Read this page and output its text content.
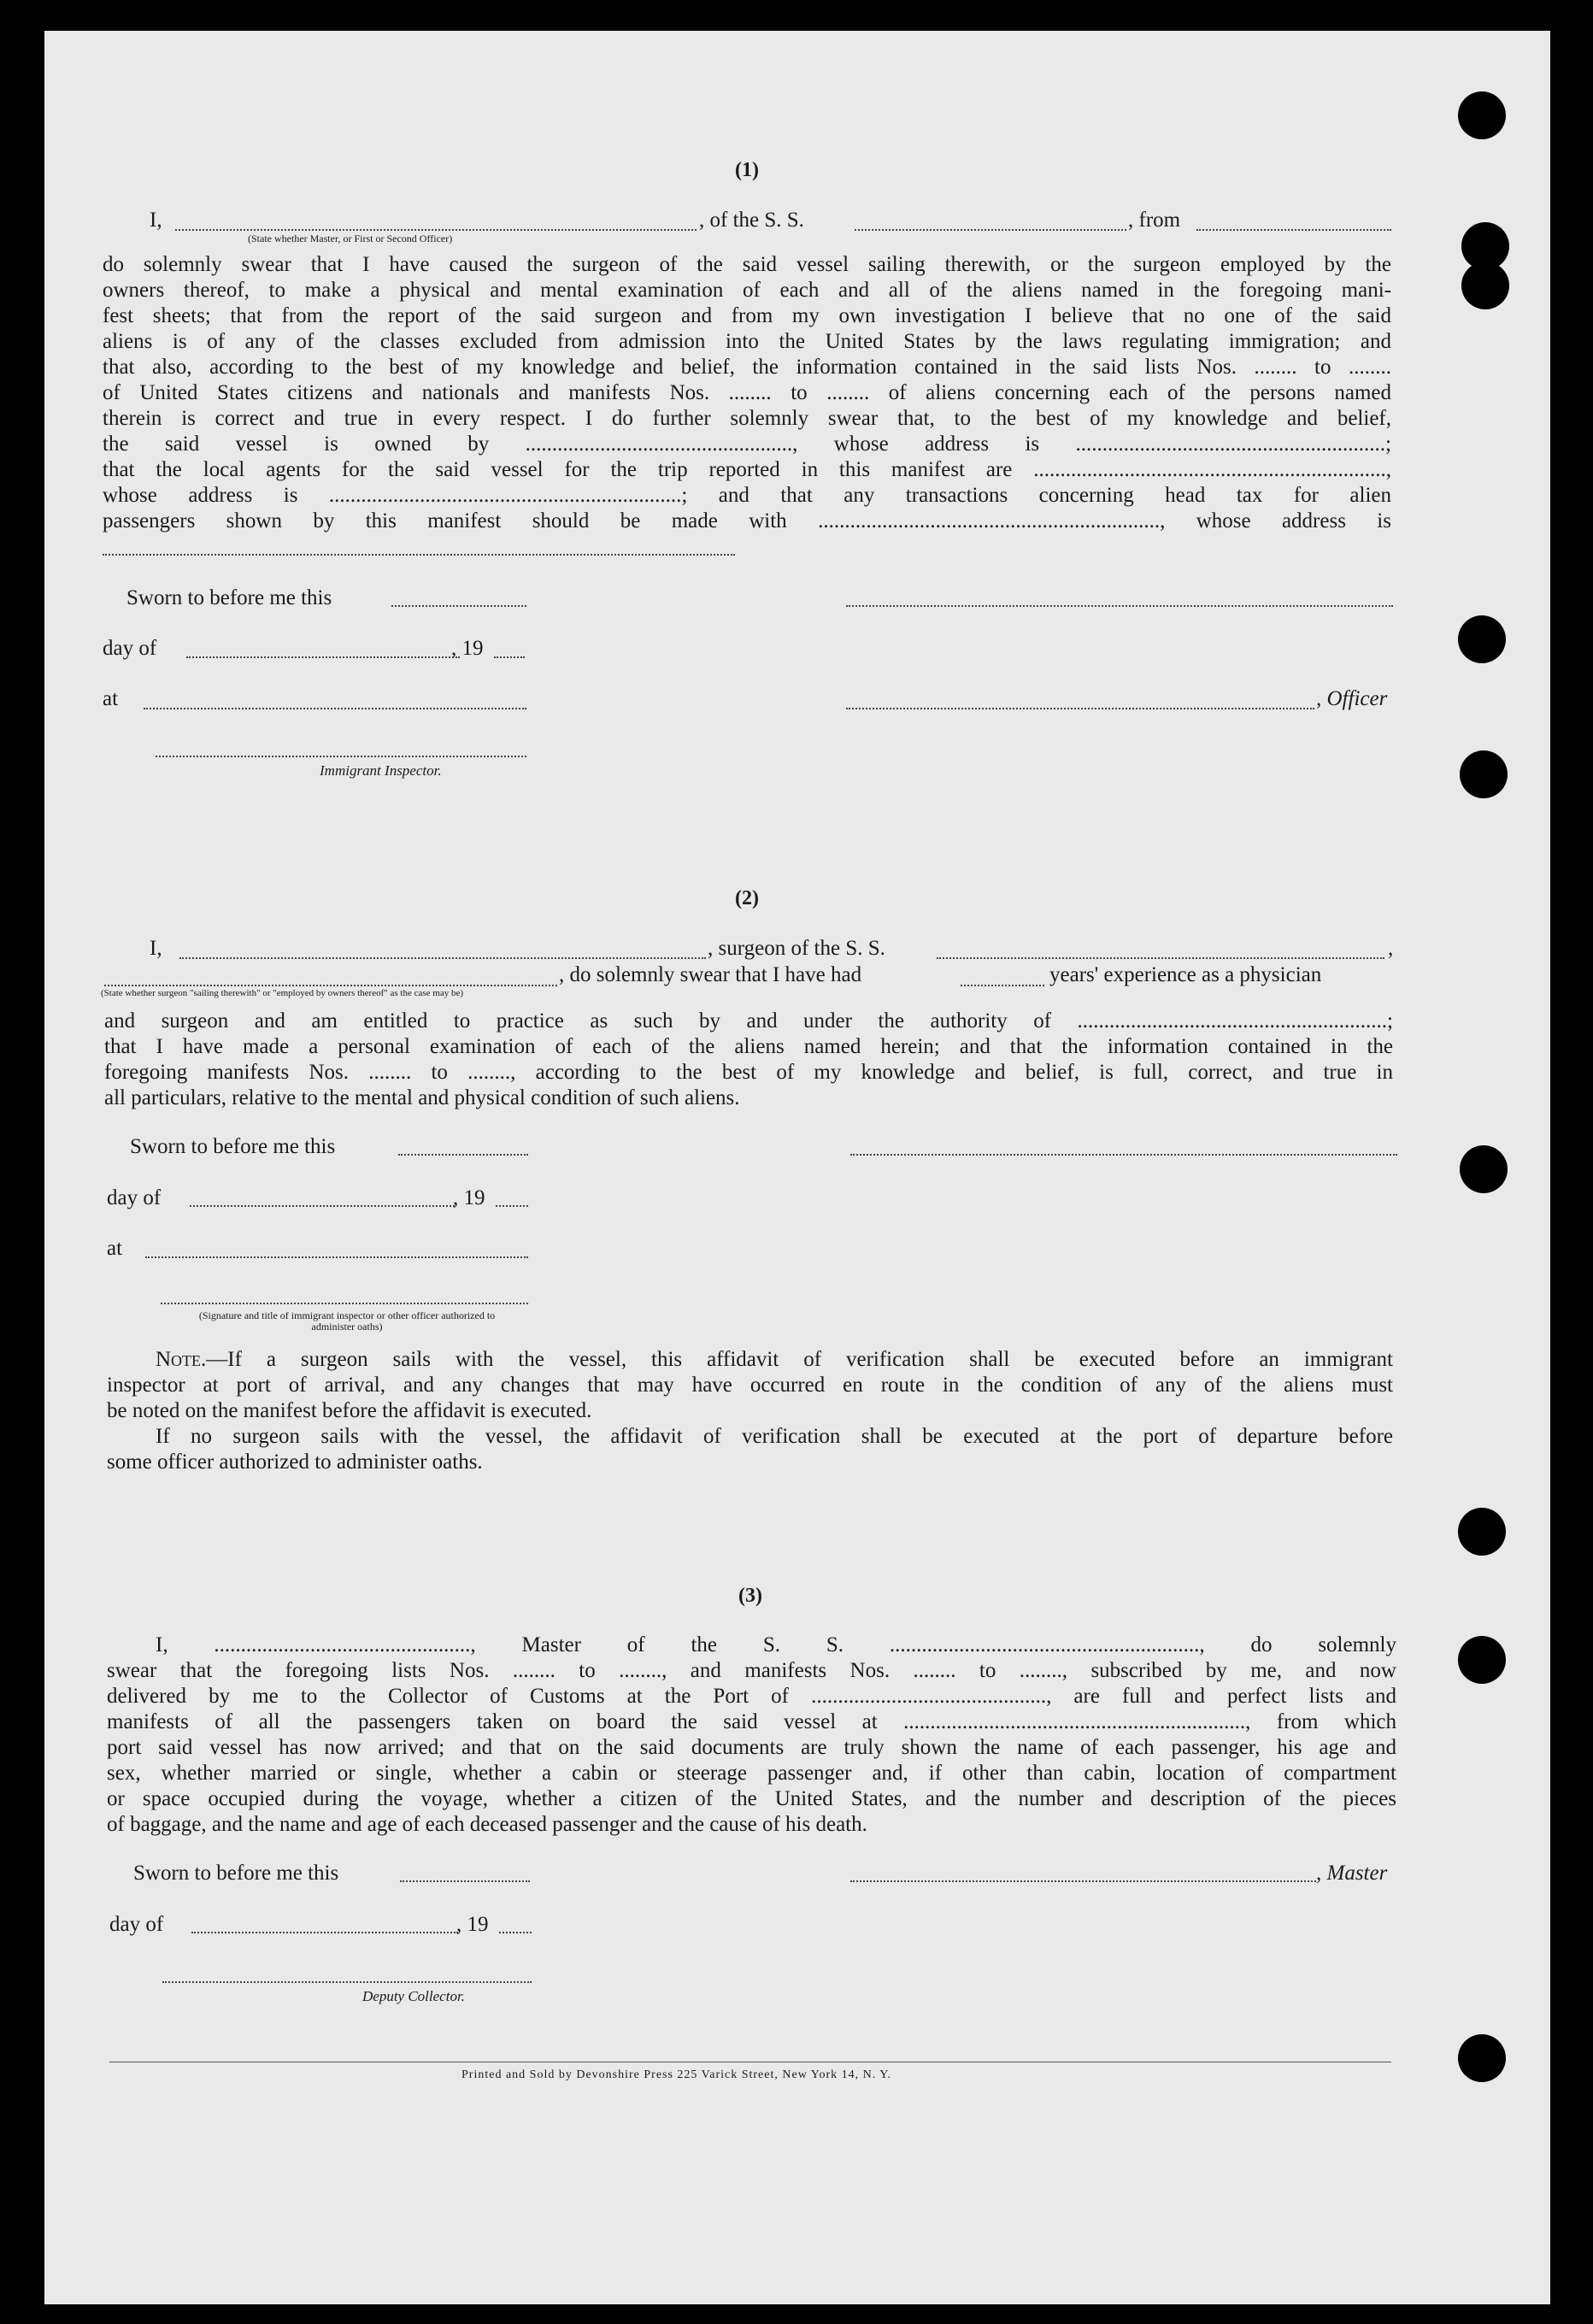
(1)
I,	, of the S. S.	, from
(State whether Master, or First or Second Officer)
do solemnly swear that I have caused the surgeon of the said vessel sailing therewith, or the surgeon employed by the
owners thereof, to make a physical and mental examination of each and all of the aliens named in the foregoing mani-
fest sheets; that from the report of the said surgeon and from my own investigation I believe that no one of the said
aliens is of any of the classes excluded from admission into the United States by the laws regulating immigration; and
that also, according to the best of my knowledge and belief, the information contained in the said lists Nos. ........ to ........
of United States citizens and nationals and manifests Nos. ........ to ........ of aliens concerning each of the persons named
therein is correct and true in every respect. I do further solemnly swear that, to the best of my knowledge and belief,
the said vessel is owned by .................................................., whose address is ..........................................................;
that the local agents for the said vessel for the trip reported in this manifest are ..................................................................,
whose address is ..................................................................; and that any transactions concerning head tax for alien
passengers shown by this manifest should be made with ................................................................, whose address is
Sworn to before me this
day of	, 19
at	, Officer
Immigrant Inspector.
(2)
I,	, surgeon of the S. S.	,
, do solemnly swear that I have had	years' experience as a physician
(State whether surgeon "sailing therewith" or "employed by owners thereof" as the case may be)
and surgeon and am entitled to practice as such by and under the authority of ..........................................................;
that I have made a personal examination of each of the aliens named herein; and that the information contained in the
foregoing manifests Nos. ........ to ........, according to the best of my knowledge and belief, is full, correct, and true in
all particulars, relative to the mental and physical condition of such aliens.
Sworn to before me this
day of	, 19
at
(Signature and title of immigrant inspector or other officer authorized to administer oaths)
Note.—If a surgeon sails with the vessel, this affidavit of verification shall be executed before an immigrant
inspector at port of arrival, and any changes that may have occurred en route in the condition of any of the aliens must
be noted on the manifest before the affidavit is executed.
If no surgeon sails with the vessel, the affidavit of verification shall be executed at the port of departure before
some officer authorized to administer oaths.
(3)
I, ................................................, Master of the S. S. .........................................................., do solemnly
swear that the foregoing lists Nos. ........ to ........, and manifests Nos. ........ to ........, subscribed by me, and now
delivered by me to the Collector of Customs at the Port of ............................................, are full and perfect lists and
manifests of all the passengers taken on board the said vessel at ................................................................, from which
port said vessel has now arrived; and that on the said documents are truly shown the name of each passenger, his age and
sex, whether married or single, whether a cabin or steerage passenger and, if other than cabin, location of compartment
or space occupied during the voyage, whether a citizen of the United States, and the number and description of the pieces
of baggage, and the name and age of each deceased passenger and the cause of his death.
Sworn to before me this	, Master
day of	, 19
Deputy Collector.
Printed and Sold by Devonshire Press 225 Varick Street, New York 14, N. Y.
